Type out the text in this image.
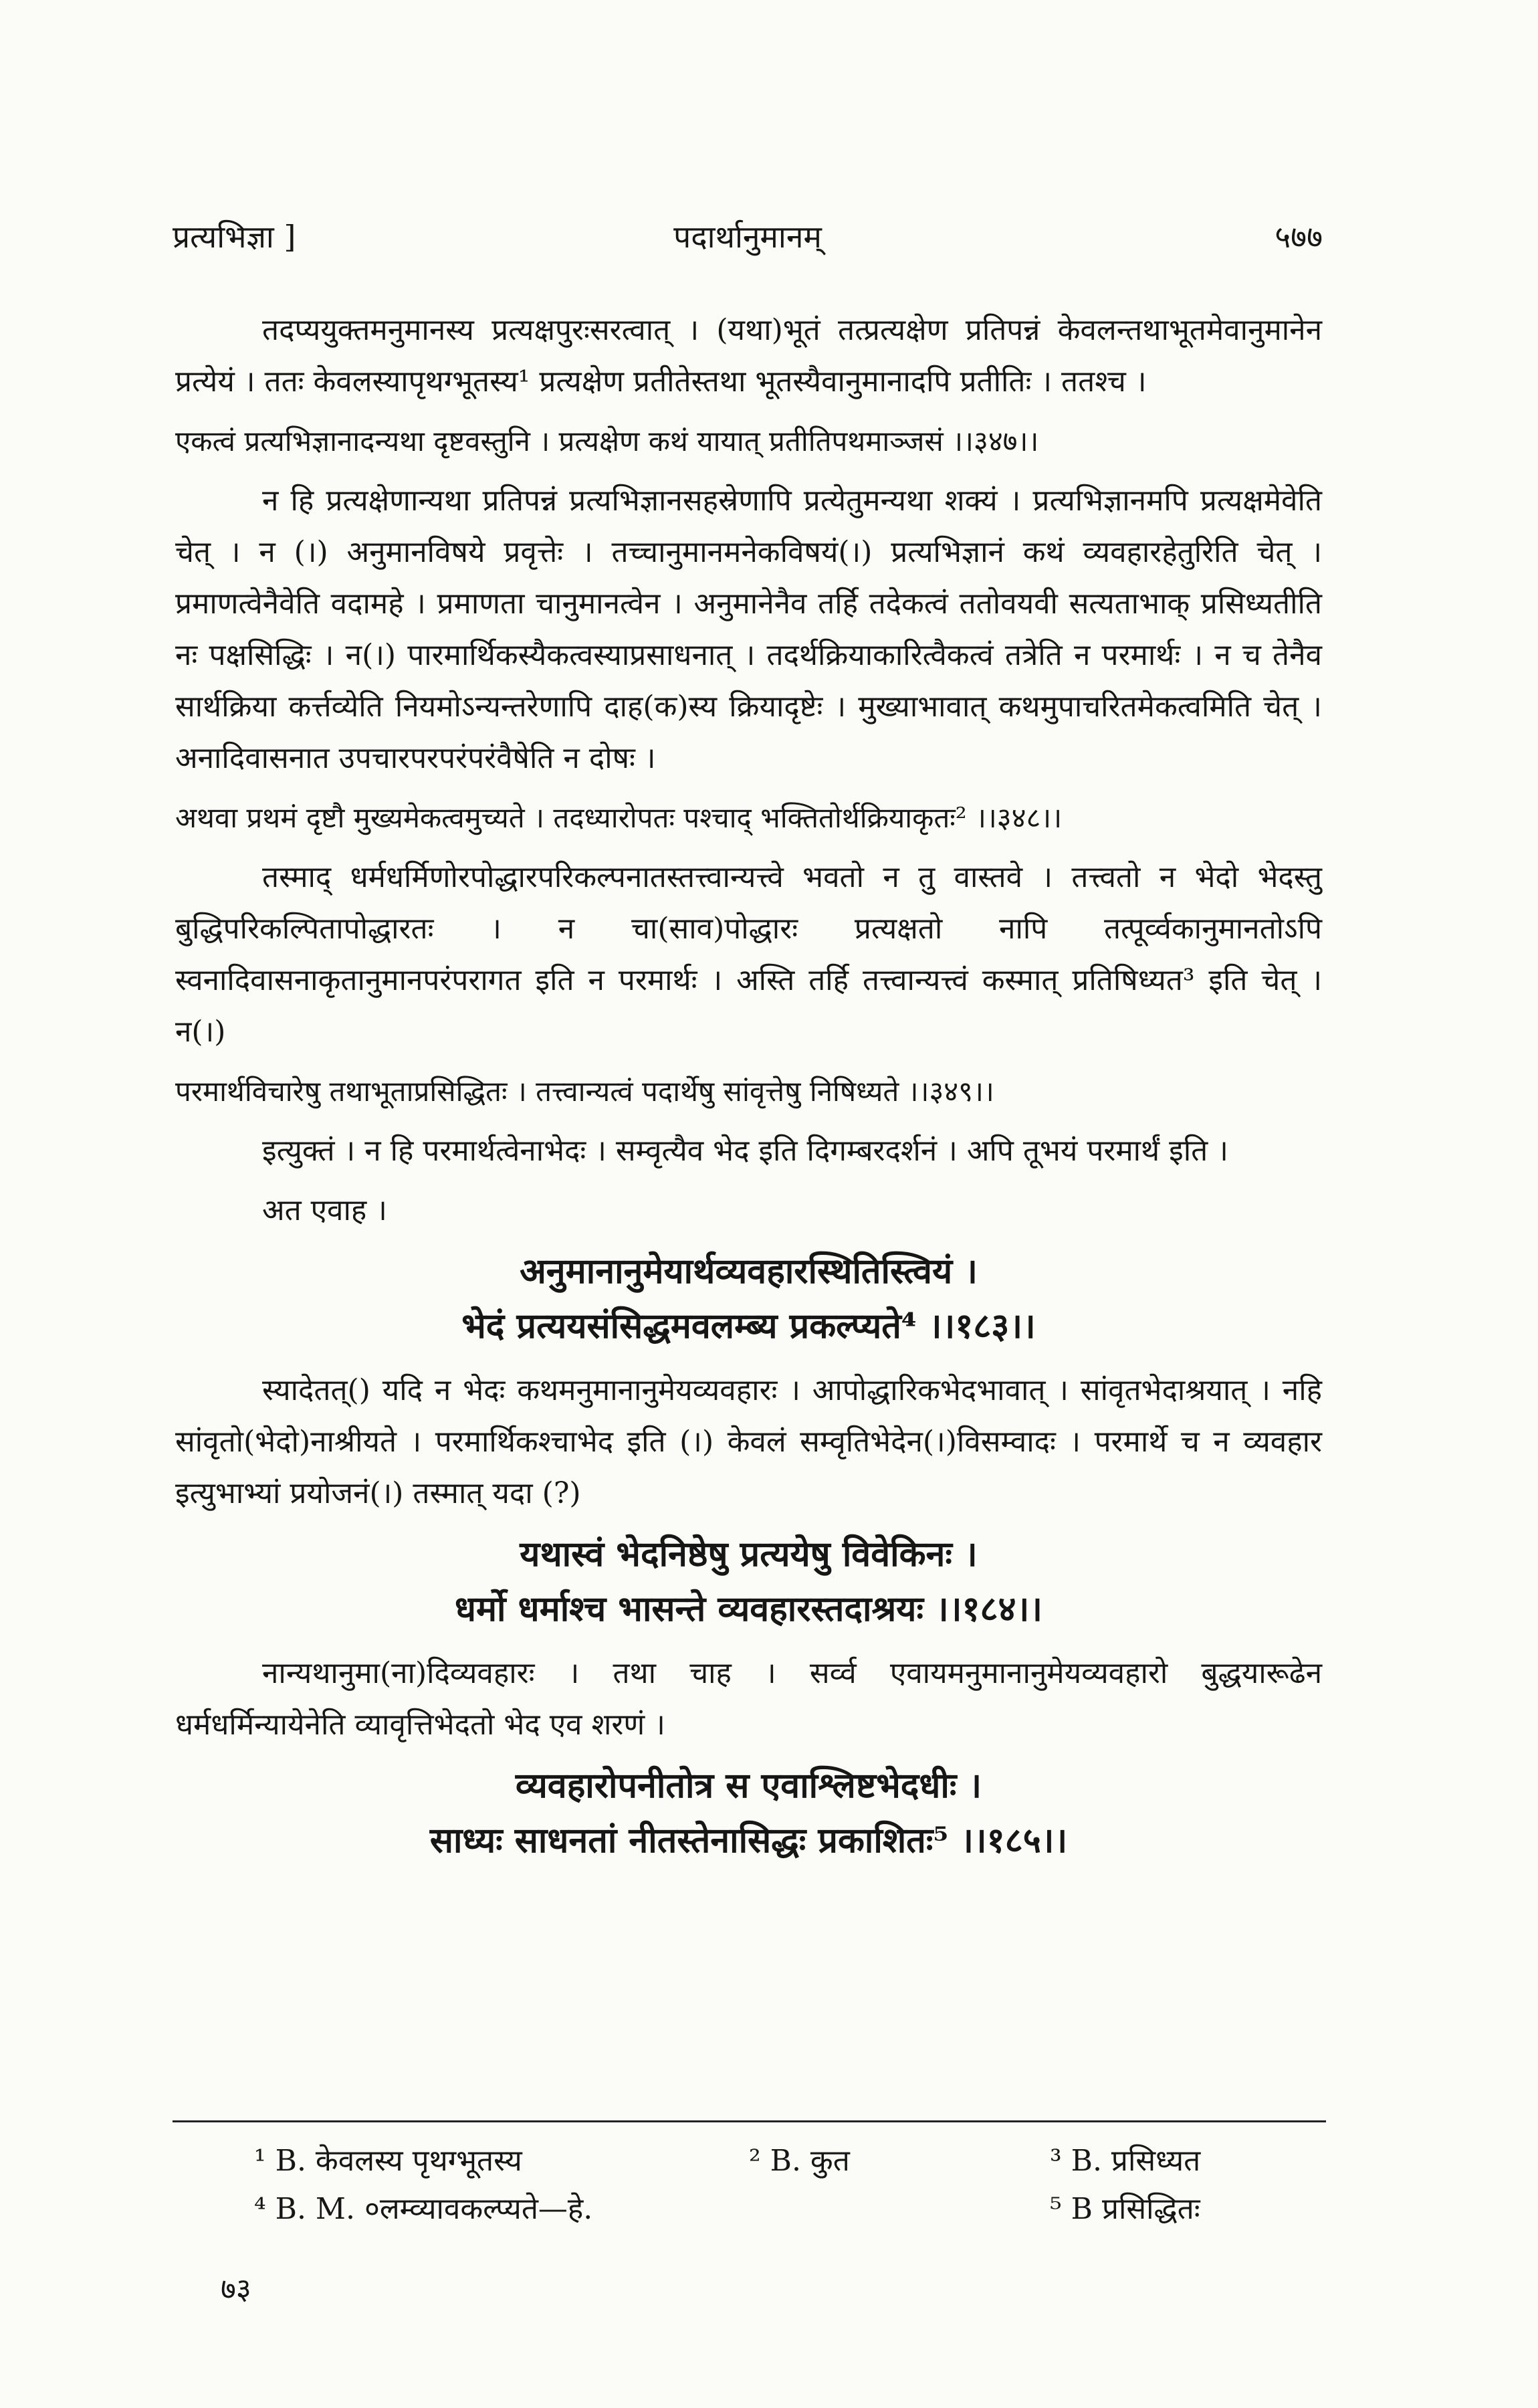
प्रत्यभिज्ञा ]	पदार्थानुमानम्	५७७

तदप्ययुक्तमनुमानस्य प्रत्यक्षपुरःसरत्वात् । (यथा)भूतं तत्प्रत्यक्षेण प्रतिपन्नं केवलन्तथाभूतमेवानुमानेन प्रत्येयं । ततः केवलस्यापृथग्भूतस्य¹ प्रत्यक्षेण प्रतीतेस्तथा भूतस्यैवानुमानादपि प्रतीतिः । ततश्च ।

एकत्वं प्रत्यभिज्ञानादन्यथा दृष्टवस्तुनि । प्रत्यक्षेण कथं यायात् प्रतीतिपथमाञ्जसं ।।३४७।।

न हि प्रत्यक्षेणान्यथा प्रतिपन्नं प्रत्यभिज्ञानसहस्रेणापि प्रत्येतुमन्यथा शक्यं । प्रत्यभिज्ञानमपि प्रत्यक्षमेवेति चेत् । न (।) अनुमानविषये प्रवृत्तेः । तच्चानुमानमनेकविषयं(।) प्रत्यभिज्ञानं कथं व्यवहारहेतुरिति चेत् । प्रमाणत्वेनैवेति वदामहे । प्रमाणता चानुमानत्वेन । अनुमानेनैव तर्हि तदेकत्वं ततोवयवी सत्यताभाक् प्रसिध्यतीति नः पक्षसिद्धिः । न(।) पारमार्थिकस्यैकत्वस्याप्रसाधनात् । तदर्थक्रियाकारित्वैकत्वं तत्रेति न परमार्थः । न च तेनैव सार्थक्रिया कर्त्तव्येति नियमोऽन्यन्तरेणापि दाह(क)स्य क्रियादृष्टेः । मुख्याभावात् कथमुपाचरितमेकत्वमिति चेत् । अनादिवासनात उपचारपरपरंपरंवैषेति न दोषः ।

अथवा प्रथमं दृष्टौ मुख्यमेकत्वमुच्यते । तदध्यारोपतः पश्चाद् भक्तितोर्थक्रियाकृतः² ।।३४८।।

तस्माद् धर्मधर्मिणोरपोद्धारपरिकल्पनातस्तत्त्वान्यत्त्वे भवतो न तु वास्तवे । तत्त्वतो न भेदो भेदस्तु बुद्धिपरिकल्पितापोद्धारतः । न चा(साव)पोद्धारः प्रत्यक्षतो नापि तत्पूर्व्वकानुमानतोऽपि स्वनादिवासनाकृतानुमानपरंपरागत इति न परमार्थः । अस्ति तर्हि तत्त्वान्यत्त्वं कस्मात् प्रतिषिध्यत³ इति चेत् । न(।)

परमार्थविचारेषु तथाभूताप्रसिद्धितः । तत्त्वान्यत्वं पदार्थेषु सांवृत्तेषु निषिध्यते ।।३४९।।

इत्युक्तं । न हि परमार्थत्वेनाभेदः । सम्वृत्यैव भेद इति दिगम्बरदर्शनं । अपि तूभयं परमार्थं इति ।

अत एवाह ।

अनुमानानुमेयार्थव्यवहारस्थितिस्त्वियं ।
भेदं प्रत्ययसंसिद्धमवलम्ब्य प्रकल्प्यते⁴ ।।१८३।।

स्यादेतत्() यदि न भेदः कथमनुमानानुमेयव्यवहारः । आपोद्धारिकभेदभावात् । सांवृतभेदाश्रयात् । नहि सांवृतो(भेदो)नाश्रीयते । परमार्थिकश्चाभेद इति (।) केवलं सम्वृतिभेदेन(।)विसम्वादः । परमार्थे च न व्यवहार इत्युभाभ्यां प्रयोजनं(।) तस्मात् यदा (?)

यथास्वं भेदनिष्ठेषु प्रत्ययेषु विवेकिनः ।
धर्मो धर्माश्च भासन्ते व्यवहारस्तदाश्रयः ।।१८४।।

नान्यथानुमा(ना)दिव्यवहारः । तथा चाह । सर्व्व एवायमनुमानानुमेयव्यवहारो बुद्धयारूढेन धर्मधर्मिन्यायेनेति व्यावृत्तिभेदतो भेद एव शरणं ।

व्यवहारोपनीतोत्र स एवाश्लिष्टभेदधीः ।
साध्यः साधनतां नीतस्तेनासिद्धः प्रकाशितः⁵ ।।१८५।।
¹ B. केवलस्य पृथग्भूतस्य	² B. कुत	³ B. प्रसिध्यत
⁴ B. M. ०लम्व्यावकल्प्यते—हे.	⁵ B प्रसिद्धितः
७३
